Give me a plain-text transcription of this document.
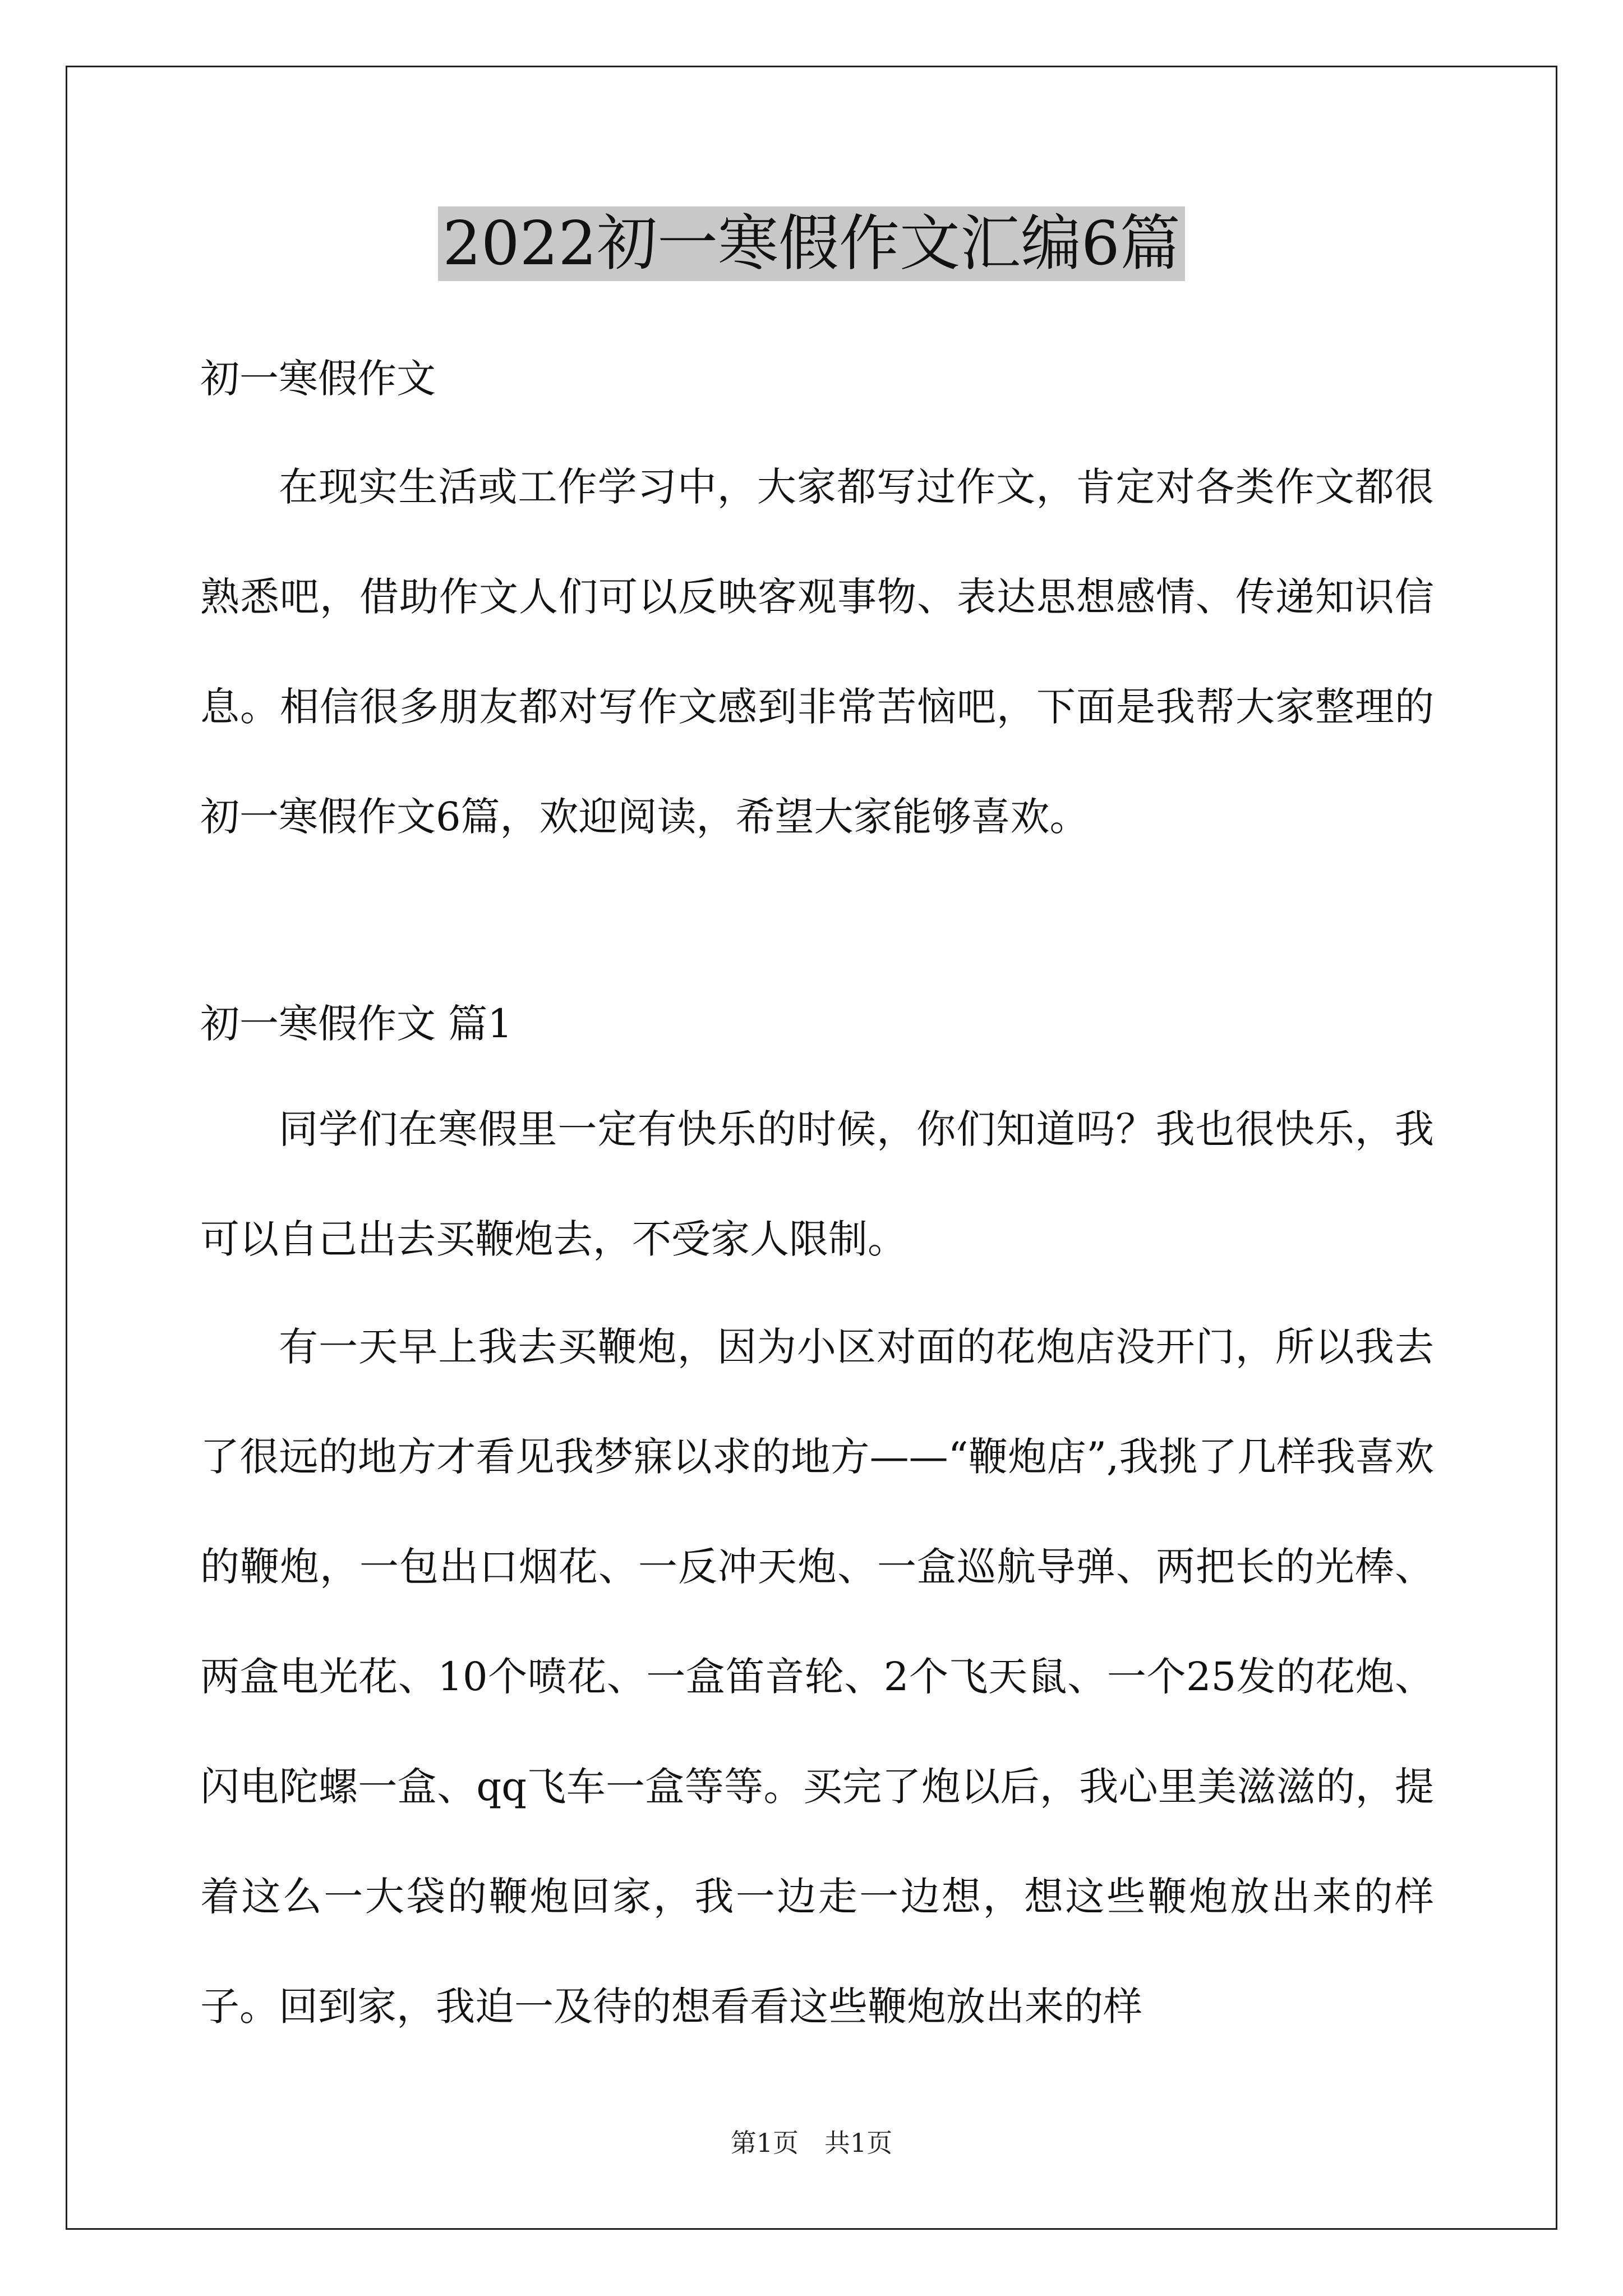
2022初一寒假作文汇编6篇
初一寒假作文

在现实生活或工作学习中，大家都写过作文，肯定对各类作文都很熟悉吧，借助作文人们可以反映客观事物、表达思想感情、传递知识信息。相信很多朋友都对写作文感到非常苦恼吧，下面是我帮大家整理的初一寒假作文6篇，欢迎阅读，希望大家能够喜欢。

初一寒假作文 篇1

同学们在寒假里一定有快乐的时候，你们知道吗？我也很快乐，我可以自己出去买鞭炮去，不受家人限制。

有一天早上我去买鞭炮，因为小区对面的花炮店没开门，所以我去了很远的地方才看见我梦寐以求的地方——“鞭炮店”,我挑了几样我喜欢的鞭炮，一包出口烟花、一反冲天炮、一盒巡航导弹、两把长的光棒、两盒电光花、10个喷花、一盒笛音轮、2个飞天鼠、一个25发的花炮、闪电陀螺一盒、qq飞车一盒等等。买完了炮以后，我心里美滋滋的，提着这么一大袋的鞭炮回家，我一边走一边想，想这些鞭炮放出来的样子。回到家，我迫一及待的想看看这些鞭炮放出来的样

第1页　共1页
